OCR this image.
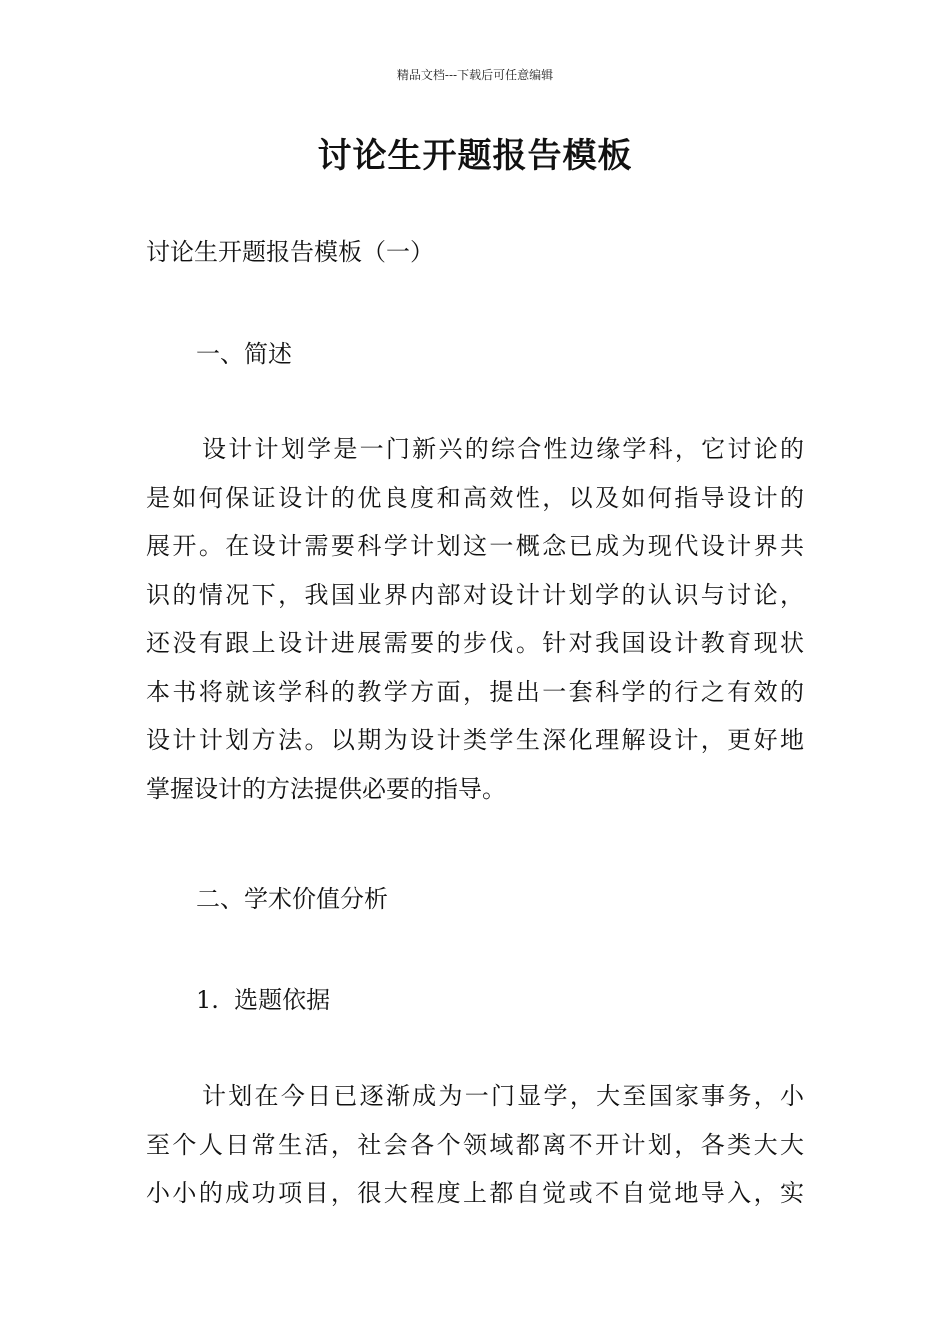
精品文档---下载后可任意编辑
讨论生开题报告模板
讨论生开题报告模板（一）
一、简述
设计计划学是一门新兴的综合性边缘学科，它讨论的
是如何保证设计的优良度和高效性，以及如何指导设计的
展开。在设计需要科学计划这一概念已成为现代设计界共
识的情况下，我国业界内部对设计计划学的认识与讨论，
还没有跟上设计进展需要的步伐。针对我国设计教育现状
本书将就该学科的教学方面，提出一套科学的行之有效的
设计计划方法。以期为设计类学生深化理解设计，更好地
掌握设计的方法提供必要的指导。
二、学术价值分析
1.  选题依据
计划在今日已逐渐成为一门显学，大至国家事务，小
至个人日常生活，社会各个领域都离不开计划，各类大大
小小的成功项目，很大程度上都自觉或不自觉地导入，实
